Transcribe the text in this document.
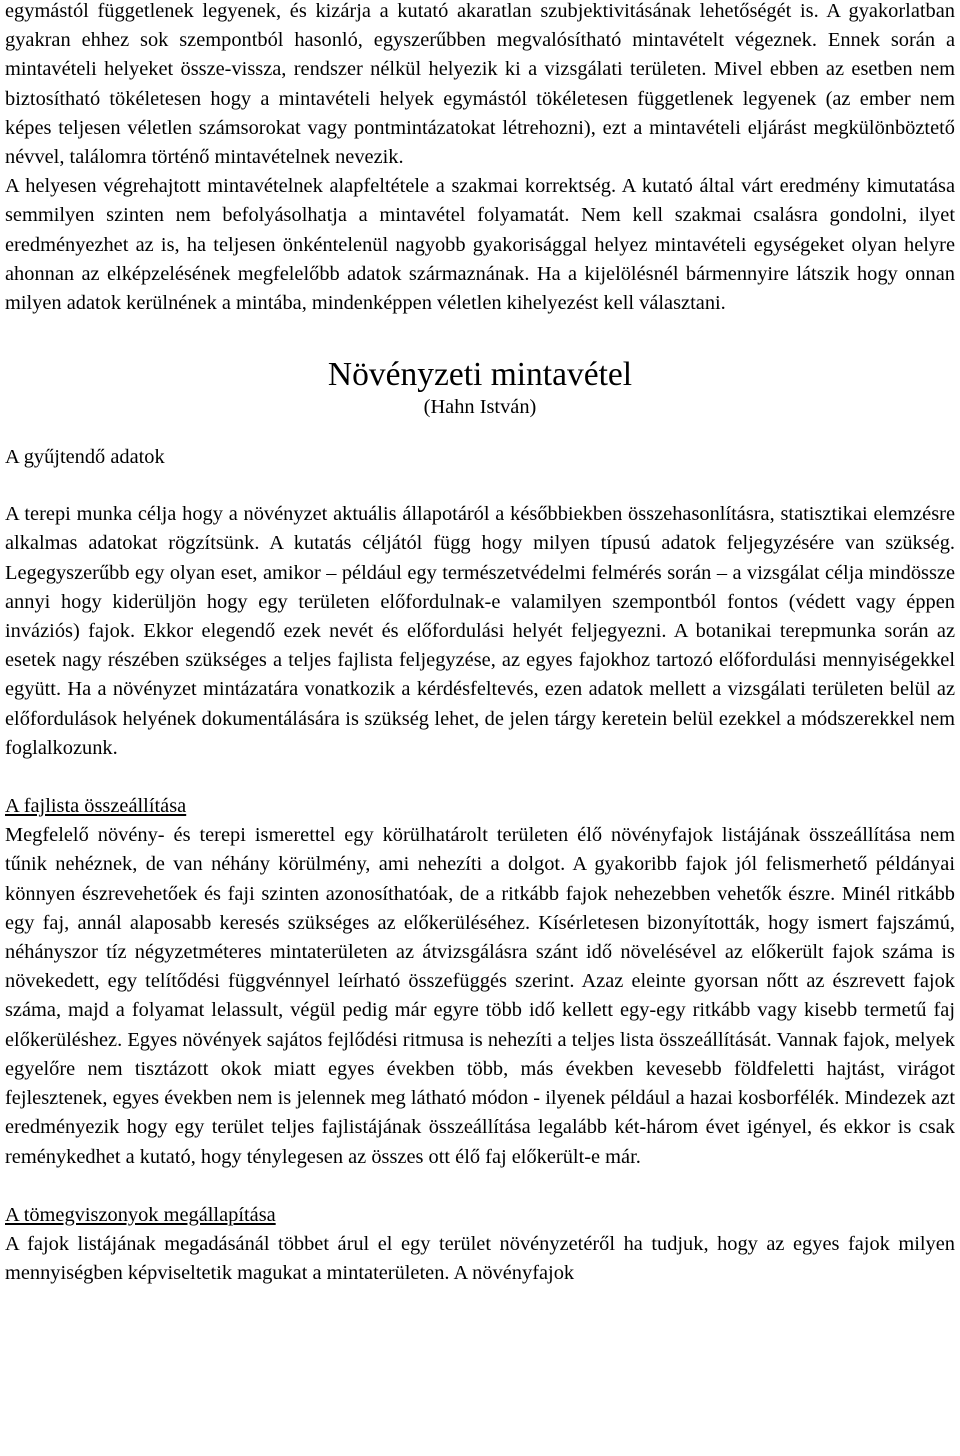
egymástól függetlenek legyenek, és kizárja a kutató akaratlan szubjektivitásának lehetőségét is. A gyakorlatban gyakran ehhez sok szempontból hasonló, egyszerűbben megvalósítható mintavételt végeznek. Ennek során a mintavételi helyeket össze-vissza, rendszer nélkül helyezik ki a vizsgálati területen. Mivel ebben az esetben nem biztosítható tökéletesen hogy a mintavételi helyek egymástól tökéletesen függetlenek legyenek (az ember nem képes teljesen véletlen számsorokat vagy pontmintázatokat létrehozni), ezt a mintavételi eljárást megkülönböztető névvel, találomra történő mintavételnek nevezik.

A helyesen végrehajtott mintavételnek alapfeltétele a szakmai korrektség. A kutató által várt eredmény kimutatása semmilyen szinten nem befolyásolhatja a mintavétel folyamatát. Nem kell szakmai csalásra gondolni, ilyet eredményezhet az is, ha teljesen önkéntelenül nagyobb gyakorisággal helyez mintavételi egységeket olyan helyre ahonnan az elképzelésének megfelelőbb adatok származnának. Ha a kijelölésnél bármennyire látszik hogy onnan milyen adatok kerülnének a mintába, mindenképpen véletlen kihelyezést kell választani.

Növényzeti mintavétel
(Hahn István)
A gyűjtendő adatok

A terepi munka célja hogy a növényzet aktuális állapotáról a későbbiekben összehasonlításra, statisztikai elemzésre alkalmas adatokat rögzítsünk. A kutatás céljától függ hogy milyen típusú adatok feljegyzésére van szükség. Legegyszerűbb egy olyan eset, amikor – például egy természetvédelmi felmérés során – a vizsgálat célja mindössze annyi hogy kiderüljön hogy egy területen előfordulnak-e valamilyen szempontból fontos (védett vagy éppen inváziós) fajok. Ekkor elegendő ezek nevét és előfordulási helyét feljegyezni. A botanikai terepmunka során az esetek nagy részében szükséges a teljes fajlista feljegyzése, az egyes fajokhoz tartozó előfordulási mennyiségekkel együtt. Ha a növényzet mintázatára vonatkozik a kérdésfeltevés, ezen adatok mellett a vizsgálati területen belül az előfordulások helyének dokumentálására is szükség lehet, de jelen tárgy keretein belül ezekkel a módszerekkel nem foglalkozunk.

A fajlista összeállítása

Megfelelő növény- és terepi ismerettel egy körülhatárolt területen élő növényfajok listájának összeállítása nem tűnik nehéznek, de van néhány körülmény, ami nehezíti a dolgot. A gyakoribb fajok jól felismerhető példányai könnyen észrevehetőek és faji szinten azonosíthatóak, de a ritkább fajok nehezebben vehetők észre. Minél ritkább egy faj, annál alaposabb keresés szükséges az előkerüléséhez. Kísérletesen bizonyították, hogy ismert fajszámú, néhányszor tíz négyzetméteres mintaterületen az átvizsgálásra szánt idő növelésével az előkerült fajok száma is növekedett, egy telítődési függvénnyel leírható összefüggés szerint. Azaz eleinte gyorsan nőtt az észrevett fajok száma, majd a folyamat lelassult, végül pedig már egyre több idő kellett egy-egy ritkább vagy kisebb termetű faj előkerüléshez. Egyes növények sajátos fejlődési ritmusa is nehezíti a teljes lista összeállítását. Vannak fajok, melyek egyelőre nem tisztázott okok miatt egyes években több, más években kevesebb földfeletti hajtást, virágot fejlesztenek, egyes években nem is jelennek meg látható módon - ilyenek például a hazai kosborfélék. Mindezek azt eredményezik hogy egy terület teljes fajlistájának összeállítása legalább két-három évet igényel, és ekkor is csak reménykedhet a kutató, hogy ténylegesen az összes ott élő faj előkerült-e már.

A tömegviszonyok megállapítása

A fajok listájának megadásánál többet árul el egy terület növényzetéről ha tudjuk, hogy az egyes fajok milyen mennyiségben képviseltetik magukat a mintaterületen. A növényfajok
